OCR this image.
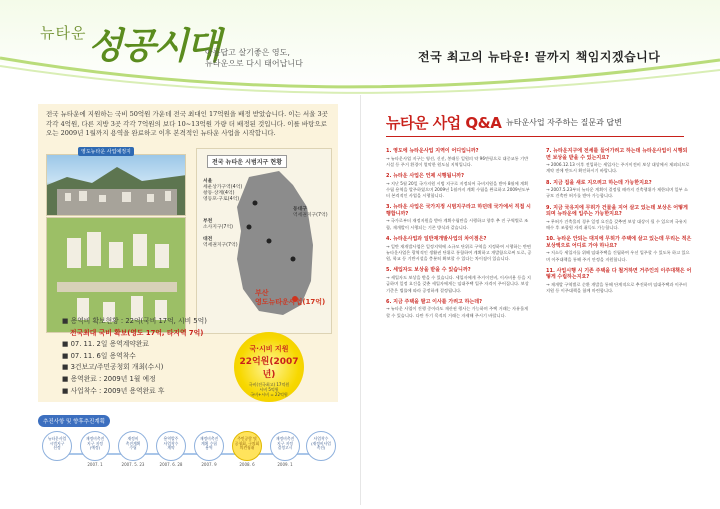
뉴타운 성공시대
아름답고 살기좋은 영도,
뉴타운으로 다시 태어납니다	전국 최고의 뉴타운! 끝까지 책임지겠습니다
전국 뉴타운에 지원하는 국비 50억원 가운데 전국 최대인 17억원을 배정 받았습니다. 이는 서울 3곳 각각 4억원, 다른 지방 3곳 각각 7억원의 보다 10~13억원 가량 더 배정된 것입니다. 이를 바탕으로 오는 2009년 1월까지 용역을 완료하고 이후 본격적인 뉴타운 사업을 시작합니다.
영도뉴타운 사업예정지
전국 뉴타운 시범지구 현황
서울
세운상가구역(4억)
창동·상계(4억)
영등포·구로(4억)
부천
소사지구(7억)
대전
역세권지구(7억)
동대구
역세권지구(7억)
부산
영도뉴타운사업(17억)
■ 용역비 확보현황 : 22억(국비 17억, 시비 5억)
전국최대 국비 확보(영도 17억, 타지역 7억)
■ 07. 11. 2일 용역계약완료
■ 07. 11. 6일 용역착수
■ 3건보고/주민공청회 개최(수시)
■ 용역완료 : 2009년 1월 예정
■ 사업착수 : 2009년 용역완료 후
국·시비 지원
22억원(2007년)
국비(전국최고) 17억원
시비 5억원
국비+시비 = 22억원
추진사항 및 향후추진계획
뉴타운사업
시범지구
선정
재정비촉진
지구 지정
(예정)
재정비
촉진계획
수립
용역발주
사업착수
계약
재정비촉진
계획 수립
용역
주민공람 및
공청회, 구의회
의견청취
재정비촉진
지구 지정
결정고시
사업착수
(재정비사업
촉진)
2007. 1	2007. 5. 23	2007. 6. 28	2007. 9	2008. 6	2009. 1
뉴타운 사업 Q&A 뉴타운사업 자주하는 질문과 답변
1. 영도에 뉴타운사업 지역이 어디입니까?
→ 뉴타운사업 지구는 영선, 신선, 봉래동 일원의 약 96만평으로 대중교통 기반시설 등 주거 환경이 열악한 원도심 지역입니다.
2. 뉴타운 사업은 언제 시행됩니까?
→ 지난 5월 20일 국가지원 시범 지구로 지정되어 국비지원을 받아 8월에 계획 수립 용역을 발주하였으며 2009년 1월까지 계획 수립을 완료하고 2009년도부터 본격적인 사업을 시행합니다.
3. 뉴타운 사업은 국가지정 시범지구라고 하던데 국가에서 직접 시행합니까?
→ 국가로부터 재정지원을 받아 계획수립만을 시행하고 향후 추 진 구역별로 조합, 재개발이 시행되는 기존 방식과 같습니다.
4. 뉴타운사업과 일반재개발사업의 차이점은?
→ 일반 재개발사업은 일정지역에 소규모 단위로 구역을 지정하여 시행하는 반면 뉴타운사업은 광역적인 생활권 단위로 통합하여 계획하고 개발함으로써 도로, 공원, 학교 등 기반시설을 충분히 확보할 수 있다는 차이점이 있습니다.
5. 세입자도 보상을 받을 수 있습니까?
→ 세입자도 보상을 받을 수 있습니다. 세입자에게 주거이전비, 이사비용 등을 지급하며 일정 요건을 갖춘 세입자에게는 임대주택 입주 자격이 주어집니다. 보상기준은 법률에 따라 공정하게 결정됩니다.
6. 지금 주택을 팔고 이사를 가려고 하는데?
→ 뉴타운 사업이 진행 중이라도 재산권 행사는 가능하며 주택 거래는 자유롭게 할 수 있습니다. 다만 투기 목적의 거래는 자제해 주시기 바랍니다.
7. 뉴타운지구에 전세를 들어가려고 하는데 뉴타운사업이 시행되면 보상을 받을 수 있는지요?
→ 2006.12.13 이후 전입하는 세입자는 주거이전비 보상 대상에서 제외되므로 계약 전에 반드시 확인하시기 바랍니다.
8. 지금 집을 새로 지으려고 하는데 가능한지요?
→ 2007.5.23부터 뉴타운 계획이 결정될 때까지 건축행위가 제한되며 일부 소규모 건축만 허가를 받아 가능합니다.
9. 지금 국유지에 무허가 건물을 지어 살고 있는데 보상은 어떻게 되며 뉴타운에 입주는 가능한지요?
→ 무허가 건축물의 경우 일정 요건을 갖추면 보상 대상이 될 수 있으며 국유지 매수 후 조합원 자격 취득도 가능합니다.
10. 뉴타운 안되는 대지에 무허가 주택에 살고 있는데 무리는 적은 보상액으로 어디로 가야 하나요?
→ 저소득 세입자를 위해 임대주택을 건립하여 우선 입주할 수 있도록 하고 있으며 이주대책을 통해 주거 안정을 지원합니다.
11. 사업시행 시 기존 주택을 다 철거하면 거주인의 이주대책은 어떻게 수립하는지요?
→ 재개발 구역별로 순환 개발을 통해 단계적으로 추진하며 임대주택과 이주비 지원 등 이주대책을 함께 마련합니다.
